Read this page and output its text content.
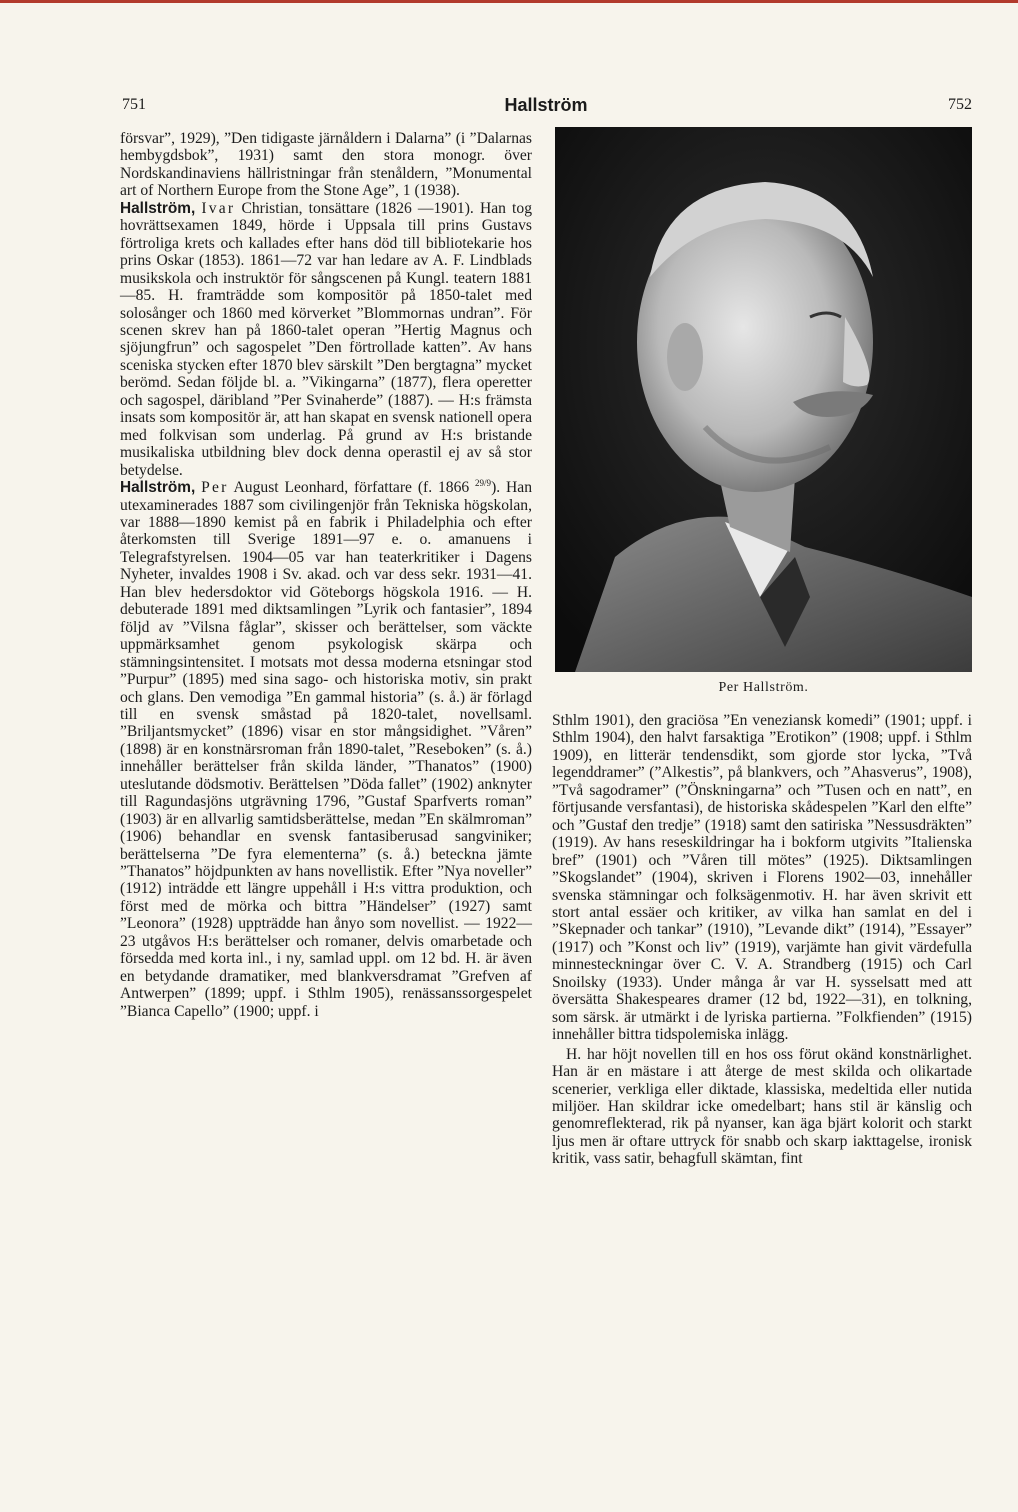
751	Hallström	752

försvar”, 1929), ”Den tidigaste järnåldern i Dalarna” (i ”Dalarnas hembygdsbok”, 1931) samt den stora monogr. över Nordskandinaviens hällristningar från stenåldern, ”Monumental art of Northern Europe from the Stone Age”, 1 (1938).

Hallström, Ivar Christian, tonsättare (1826 —1901). Han tog hovrättsexamen 1849, hörde i Uppsala till prins Gustavs förtroliga krets och kallades efter hans död till bibliotekarie hos prins Oskar (1853). 1861—72 var han ledare av A. F. Lindblads musikskola och instruktör för sångscenen på Kungl. teatern 1881—85. H. framträdde som kompositör på 1850-talet med solosånger och 1860 med körverket ”Blommornas undran”. För scenen skrev han på 1860-talet operan ”Hertig Magnus och sjöjungfrun” och sagospelet ”Den förtrollade katten”. Av hans sceniska stycken efter 1870 blev särskilt ”Den bergtagna” mycket berömd. Sedan följde bl. a. ”Vikingarna” (1877), flera operetter och sagospel, däribland ”Per Svinaherde” (1887). — H:s främsta insats som kompositör är, att han skapat en svensk nationell opera med folkvisan som underlag. På grund av H:s bristande musikaliska utbildning blev dock denna operastil ej av så stor betydelse.

Hallström, Per August Leonhard, författare (f. 1866 $^{29/9}$). Han utexaminerades 1887 som civilingenjör från Tekniska högskolan, var 1888—1890 kemist på en fabrik i Philadelphia och efter återkomsten till Sverige 1891—97 e. o. amanuens i Telegrafstyrelsen. 1904—05 var han teaterkritiker i Dagens Nyheter, invaldes 1908 i Sv. akad. och var dess sekr. 1931—41. Han blev hedersdoktor vid Göteborgs högskola 1916. — H. debuterade 1891 med diktsamlingen ”Lyrik och fantasier”, 1894 följd av ”Vilsna fåglar”, skisser och berättelser, som väckte uppmärksamhet genom psykologisk skärpa och stämningsintensitet. I motsats mot dessa moderna etsningar stod ”Purpur” (1895) med sina sago- och historiska motiv, sin prakt och glans. Den vemodiga ”En gammal historia” (s. å.) är förlagd till en svensk småstad på 1820-talet, novellsaml. ”Briljantsmycket” (1896) visar en stor mångsidighet. ”Våren” (1898) är en konstnärsroman från 1890-talet, ”Reseboken” (s. å.) innehåller berättelser från skilda länder, ”Thanatos” (1900) uteslutande dödsmotiv. Berättelsen ”Döda fallet” (1902) anknyter till Ragundasjöns utgrävning 1796, ”Gustaf Sparfverts roman” (1903) är en allvarlig samtidsberättelse, medan ”En skälmroman” (1906) behandlar en svensk fantasiberusad sangviniker; berättelserna ”De fyra elementerna” (s. å.) beteckna jämte ”Thanatos” höjdpunkten av hans novellistik. Efter ”Nya noveller” (1912) inträdde ett längre uppehåll i H:s vittra produktion, och först med de mörka och bittra ”Händelser” (1927) samt ”Leonora” (1928) uppträdde han ånyo som novellist. — 1922—23 utgåvos H:s berättelser och romaner, delvis omarbetade och försedda med korta inl., i ny, samlad uppl. om 12 bd. H. är även en betydande dramatiker, med blankversdramat ”Grefven af Antwerpen” (1899; uppf. i Sthlm 1905), renässanssorgespelet ”Bianca Capello” (1900; uppf. i

Per Hallström.

Sthlm 1901), den graciösa ”En veneziansk komedi” (1901; uppf. i Sthlm 1904), den halvt farsaktiga ”Erotikon” (1908; uppf. i Sthlm 1909), en litterär tendensdikt, som gjorde stor lycka, ”Två legenddramer” (”Alkestis”, på blankvers, och ”Ahasverus”, 1908), ”Två sagodramer” (”Önskningarna” och ”Tusen och en natt”, en förtjusande versfantasi), de historiska skådespelen ”Karl den elfte” och ”Gustaf den tredje” (1918) samt den satiriska ”Nessusdräkten” (1919). Av hans reseskildringar ha i bokform utgivits ”Italienska bref” (1901) och ”Våren till mötes” (1925). Diktsamlingen ”Skogslandet” (1904), skriven i Florens 1902—03, innehåller svenska stämningar och folksägenmotiv. H. har även skrivit ett stort antal essäer och kritiker, av vilka han samlat en del i ”Skepnader och tankar” (1910), ”Levande dikt” (1914), ”Essayer” (1917) och ”Konst och liv” (1919), varjämte han givit värdefulla minnesteckningar över C. V. A. Strandberg (1915) och Carl Snoilsky (1933). Under många år var H. sysselsatt med att översätta Shakespeares dramer (12 bd, 1922—31), en tolkning, som särsk. är utmärkt i de lyriska partierna. ”Folkfienden” (1915) innehåller bittra tidspolemiska inlägg.

H. har höjt novellen till en hos oss förut okänd konstnärlighet. Han är en mästare i att återge de mest skilda och olikartade scenerier, verkliga eller diktade, klassiska, medeltida eller nutida miljöer. Han skildrar icke omedelbart; hans stil är känslig och genomreflekterad, rik på nyanser, kan äga bjärt kolorit och starkt ljus men är oftare uttryck för snabb och skarp iakttagelse, ironisk kritik, vass satir, behagfull skämtan, fint
